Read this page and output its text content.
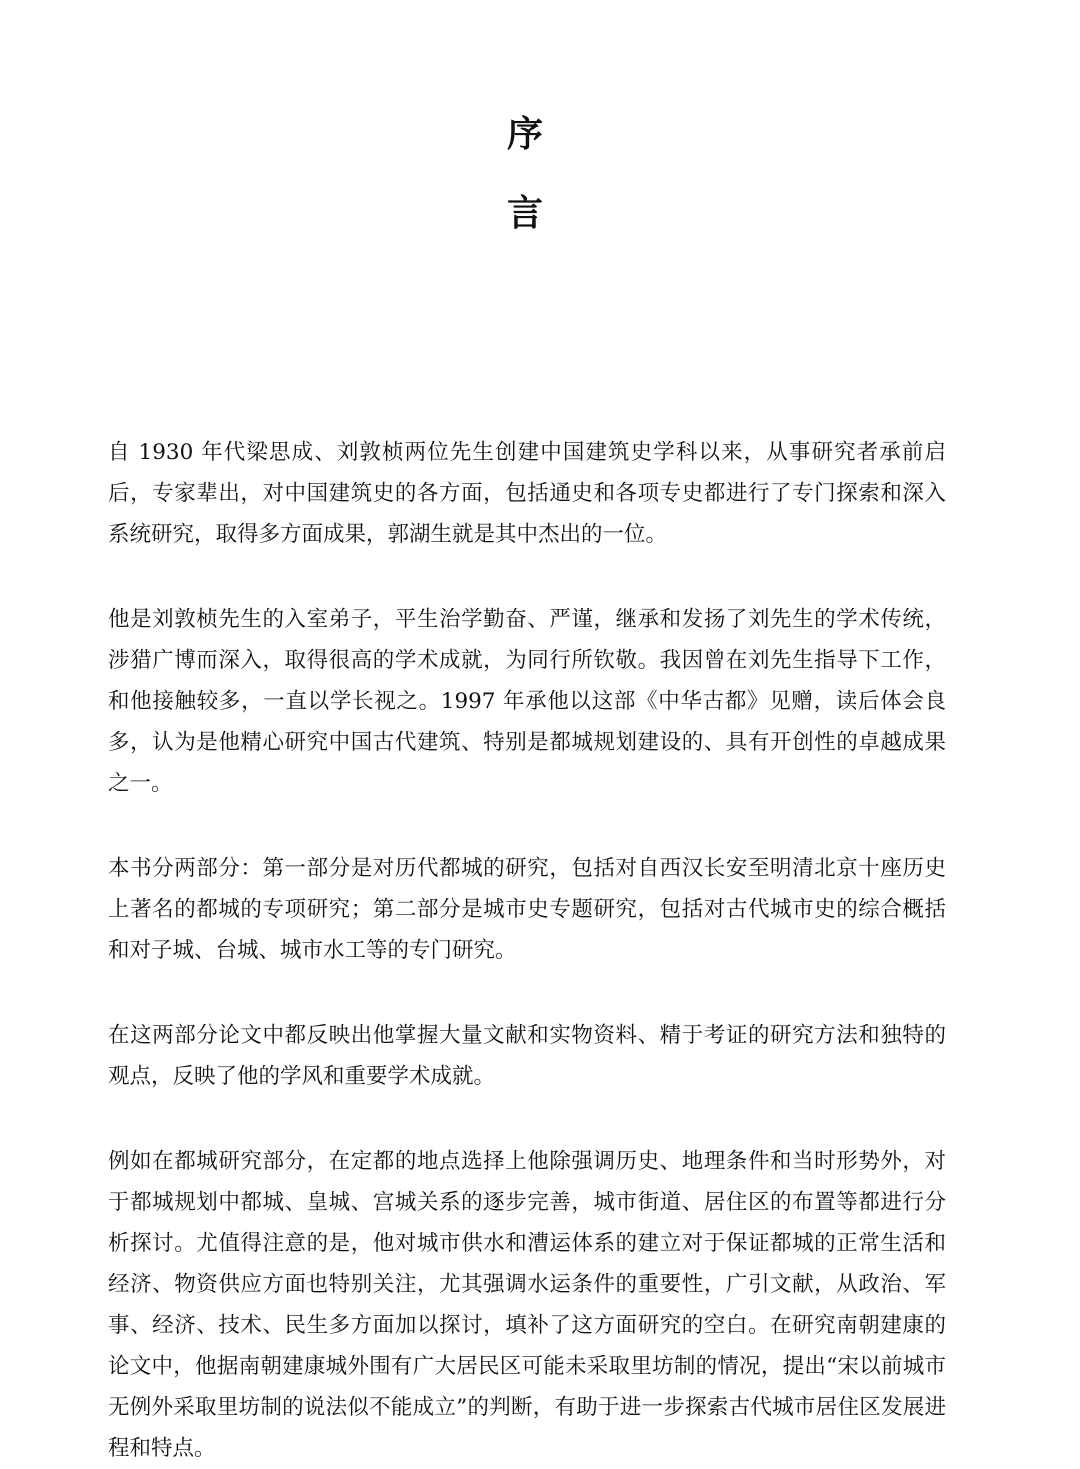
序
言

自 1930 年代梁思成、刘敦桢两位先生创建中国建筑史学科以来，从事研究者承前启后，专家辈出，对中国建筑史的各方面，包括通史和各项专史都进行了专门探索和深入系统研究，取得多方面成果，郭湖生就是其中杰出的一位。

他是刘敦桢先生的入室弟子，平生治学勤奋、严谨，继承和发扬了刘先生的学术传统，涉猎广博而深入，取得很高的学术成就，为同行所钦敬。我因曾在刘先生指导下工作，和他接触较多，一直以学长视之。1997 年承他以这部《中华古都》见赠，读后体会良多，认为是他精心研究中国古代建筑、特别是都城规划建设的、具有开创性的卓越成果之一。

本书分两部分：第一部分是对历代都城的研究，包括对自西汉长安至明清北京十座历史上著名的都城的专项研究；第二部分是城市史专题研究，包括对古代城市史的综合概括和对子城、台城、城市水工等的专门研究。

在这两部分论文中都反映出他掌握大量文献和实物资料、精于考证的研究方法和独特的观点，反映了他的学风和重要学术成就。

例如在都城研究部分，在定都的地点选择上他除强调历史、地理条件和当时形势外，对于都城规划中都城、皇城、宫城关系的逐步完善，城市街道、居住区的布置等都进行分析探讨。尤值得注意的是，他对城市供水和漕运体系的建立对于保证都城的正常生活和经济、物资供应方面也特别关注，尤其强调水运条件的重要性，广引文献，从政治、军事、经济、技术、民生多方面加以探讨，填补了这方面研究的空白。在研究南朝建康的论文中，他据南朝建康城外围有广大居民区可能未采取里坊制的情况，提出“宋以前城市无例外采取里坊制的说法似不能成立”的判断，有助于进一步探索古代城市居住区发展进程和特点。
